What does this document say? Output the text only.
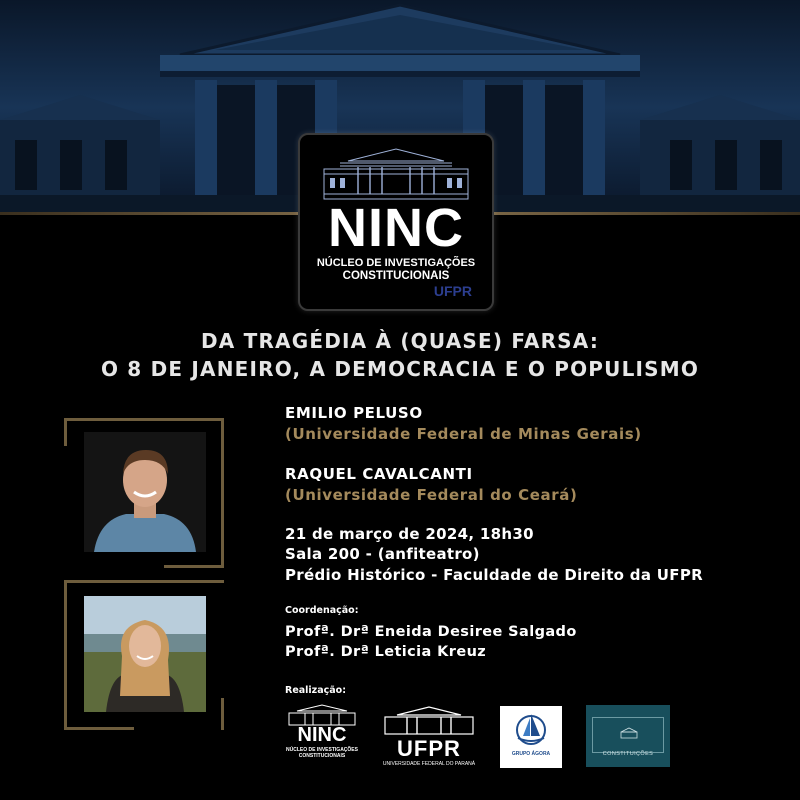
NINC
NÚCLEO DE INVESTIGAÇÕES
CONSTITUCIONAIS
UFPR
DA TRAGÉDIA À (QUASE) FARSA:
O 8 DE JANEIRO, A DEMOCRACIA E O POPULISMO
EMILIO PELUSO
(Universidade Federal de Minas Gerais)
RAQUEL CAVALCANTI
(Universidade Federal do Ceará)
21 de março de 2024, 18h30
Sala 200 - (anfiteatro)
Prédio Histórico - Faculdade de Direito da UFPR
Coordenação:
Profª. Drª Eneida Desiree Salgado
Profª. Drª Leticia Kreuz
Realização:
NINC
NÚCLEO DE INVESTIGAÇÕES
CONSTITUCIONAIS	UFPR
UNIVERSIDADE FEDERAL DO PARANÁ
GRUPO ÁGORA	CONSTITUIÇÕES
